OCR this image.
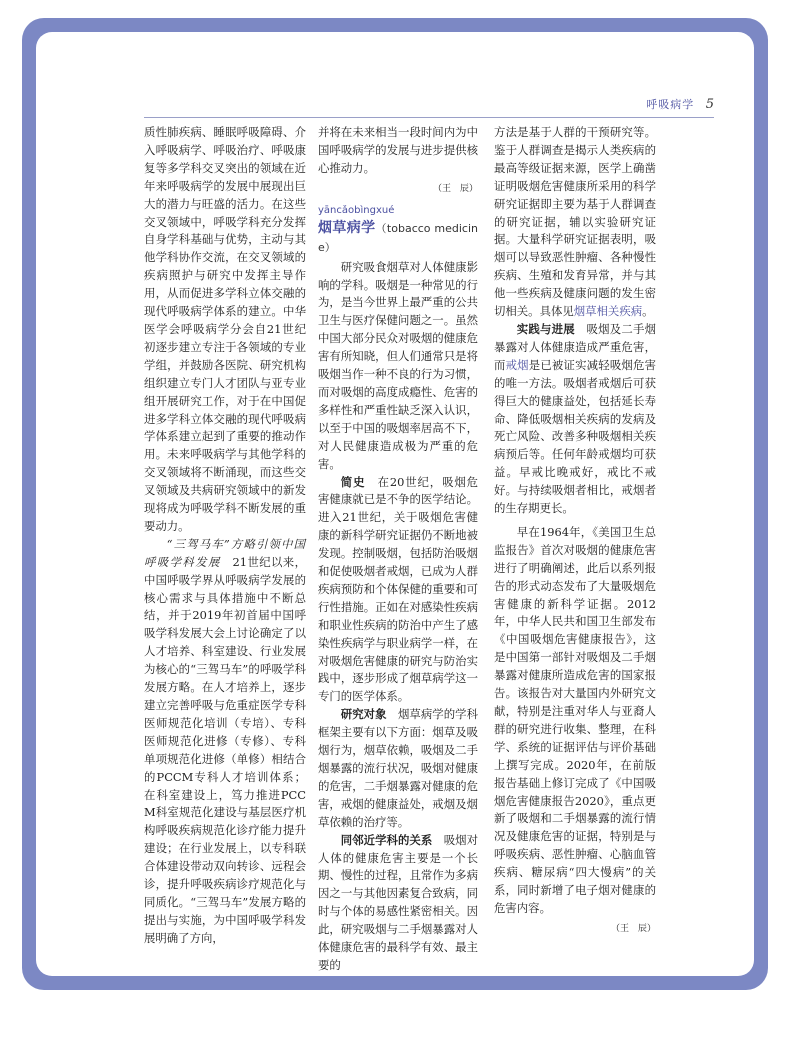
呼吸病学 5

质性肺疾病、睡眠呼吸障碍、介入呼吸病学、呼吸治疗、呼吸康复等多学科交叉突出的领域在近年来呼吸病学的发展中展现出巨大的潜力与旺盛的活力。在这些交叉领域中，呼吸学科充分发挥自身学科基础与优势，主动与其他学科协作交流，在交叉领域的疾病照护与研究中发挥主导作用，从而促进多学科立体交融的现代呼吸病学体系的建立。中华医学会呼吸病学分会自21世纪初逐步建立专注于各领域的专业学组，并鼓励各医院、研究机构组织建立专门人才团队与亚专业组开展研究工作，对于在中国促进多学科立体交融的现代呼吸病学体系建立起到了重要的推动作用。未来呼吸病学与其他学科的交叉领域将不断涌现，而这些交叉领域及共病研究领域中的新发现将成为呼吸学科不断发展的重要动力。

“三驾马车”方略引领中国呼吸学科发展　 21世纪以来，中国呼吸学界从呼吸病学发展的核心需求与具体措施中不断总结，并于2019年初首届中国呼吸学科发展大会上讨论确定了以人才培养、科室建设、行业发展为核心的“三驾马车”的呼吸学科发展方略。在人才培养上，逐步建立完善呼吸与危重症医学专科医师规范化培训（专培）、专科医师规范化进修（专修）、专科单项规范化进修（单修）相结合的PCCM专科人才培训体系；在科室建设上，笃力推进PCCM科室规范化建设与基层医疗机构呼吸疾病规范化诊疗能力提升建设；在行业发展上，以专科联合体建设带动双向转诊、远程会诊，提升呼吸疾病诊疗规范化与同质化。“三驾马车”发展方略的提出与实施，为中国呼吸学科发展明确了方向，

并将在未来相当一段时间内为中国呼吸病学的发展与进步提供核心推动力。

（王　辰）
yāncǎobìngxué
烟草病学（tobacco medicine）

研究吸食烟草对人体健康影响的学科。吸烟是一种常见的行为，是当今世界上最严重的公共卫生与医疗保健问题之一。虽然中国大部分民众对吸烟的健康危害有所知晓，但人们通常只是将吸烟当作一种不良的行为习惯，而对吸烟的高度成瘾性、危害的多样性和严重性缺乏深入认识，以至于中国的吸烟率居高不下，对人民健康造成极为严重的危害。

简史　 在20世纪，吸烟危害健康就已是不争的医学结论。进入21世纪，关于吸烟危害健康的新科学研究证据仍不断地被发现。控制吸烟，包括防治吸烟和促使吸烟者戒烟，已成为人群疾病预防和个体保健的重要和可行性措施。正如在对感染性疾病和职业性疾病的防治中产生了感染性疾病学与职业病学一样，在对吸烟危害健康的研究与防治实践中，逐步形成了烟草病学这一专门的医学体系。

研究对象　 烟草病学的学科框架主要有以下方面：烟草及吸烟行为，烟草依赖，吸烟及二手烟暴露的流行状况，吸烟对健康的危害，二手烟暴露对健康的危害，戒烟的健康益处，戒烟及烟草依赖的治疗等。

同邻近学科的关系　 吸烟对人体的健康危害主要是一个长期、慢性的过程，且常作为多病因之一与其他因素复合致病，同时与个体的易感性紧密相关。因此，研究吸烟与二手烟暴露对人体健康危害的最科学有效、最主要的

方法是基于人群的干预研究等。鉴于人群调查是揭示人类疾病的最高等级证据来源，医学上确凿证明吸烟危害健康所采用的科学研究证据即主要为基于人群调查的研究证据，辅以实验研究证据。大量科学研究证据表明，吸烟可以导致恶性肿瘤、各种慢性疾病、生殖和发育异常，并与其他一些疾病及健康问题的发生密切相关。具体见烟草相关疾病。

实践与进展　 吸烟及二手烟暴露对人体健康造成严重危害，而戒烟是已被证实减轻吸烟危害的唯一方法。吸烟者戒烟后可获得巨大的健康益处，包括延长寿命、降低吸烟相关疾病的发病及死亡风险、改善多种吸烟相关疾病预后等。任何年龄戒烟均可获益。早戒比晚戒好，戒比不戒好。与持续吸烟者相比，戒烟者的生存期更长。

早在1964年，《美国卫生总监报告》首次对吸烟的健康危害进行了明确阐述，此后以系列报告的形式动态发布了大量吸烟危害健康的新科学证据。2012年，中华人民共和国卫生部发布《中国吸烟危害健康报告》，这是中国第一部针对吸烟及二手烟暴露对健康所造成危害的国家报告。该报告对大量国内外研究文献，特别是注重对华人与亚裔人群的研究进行收集、整理，在科学、系统的证据评估与评价基础上撰写完成。2020年，在前版报告基础上修订完成了《中国吸烟危害健康报告2020》，重点更新了吸烟和二手烟暴露的流行情况及健康危害的证据，特别是与呼吸疾病、恶性肿瘤、心脑血管疾病、糖尿病“四大慢病”的关系，同时新增了电子烟对健康的危害内容。

（王　辰）
